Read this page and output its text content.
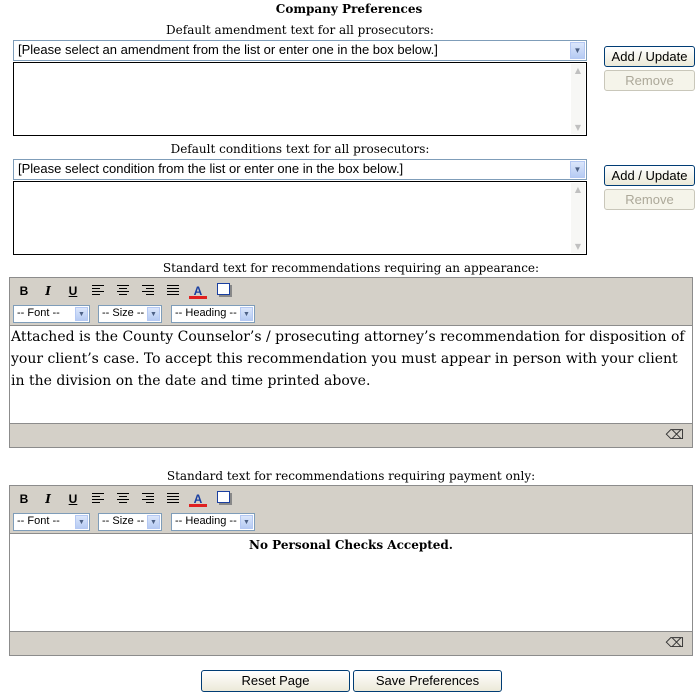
Company Preferences
Default amendment text for all prosecutors:
[Please select an amendment from the list or enter one in the box below.]	▼
▲
▼
Add / Update
Remove
Default conditions text for all prosecutors:
[Please select condition from the list or enter one in the box below.]	▼
▲
▼
Add / Update
Remove
Standard text for recommendations requiring an appearance:
B	I	U	A
-- Font --	▼	-- Size -- ▼	-- Heading -- ▼
Attached is the County Counselor’s / prosecuting attorney’s recommendation for disposition of your client’s case. To accept this recommendation you must appear in person with your client in the division on the date and time printed above.
⌫
Standard text for recommendations requiring payment only:
B	I	U	A
-- Font --	▼	-- Size -- ▼	-- Heading -- ▼
No Personal Checks Accepted.
⌫
Reset Page	Save Preferences
